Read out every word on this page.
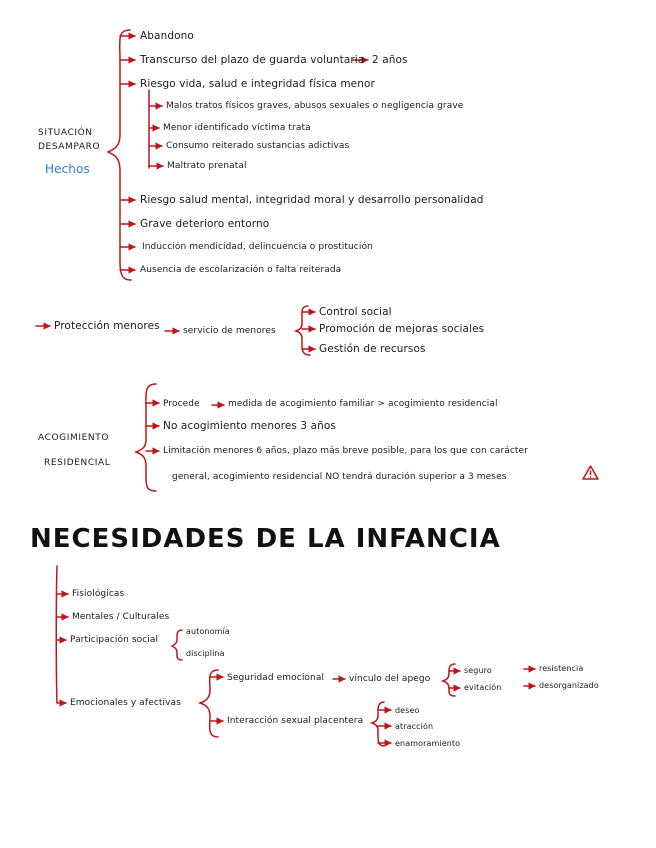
SITUACIÓN
DESAMPARO
Hechos
Abandono
Transcurso del plazo de guarda voluntaria 2 años
Riesgo vida, salud e integridad física menor
Malos tratos físicos graves, abusos sexuales o negligencia grave
Menor identificado víctima trata
Consumo reiterado sustancias adictivas
Maltrato prenatal
Riesgo salud mental, integridad moral y desarrollo personalidad
Grave deterioro entorno
Inducción mendicidad, delincuencia o prostitución
Ausencia de escolarización o falta reiterada
Protección menores	servicio de menores
Control social
Promoción de mejoras sociales
Gestión de recursos
ACOGIMIENTO
RESIDENCIAL
Procede	medida de acogimiento familiar > acogimiento residencial
No acogimiento menores 3 años
Limitación menores 6 años, plazo más breve posible, para los que con carácter
general, acogimiento residencial NO tendrá duración superior a 3 meses
NECESIDADES DE LA INFANCIA
Fisiológicas
Mentales / Culturales
Participación social
autonomía
disciplina
Emocionales y afectivas
Seguridad emocional	vínculo del apego
seguro
evitación
resistencia
desorganizado
Interacción sexual placentera
deseo
atracción
enamoramiento
